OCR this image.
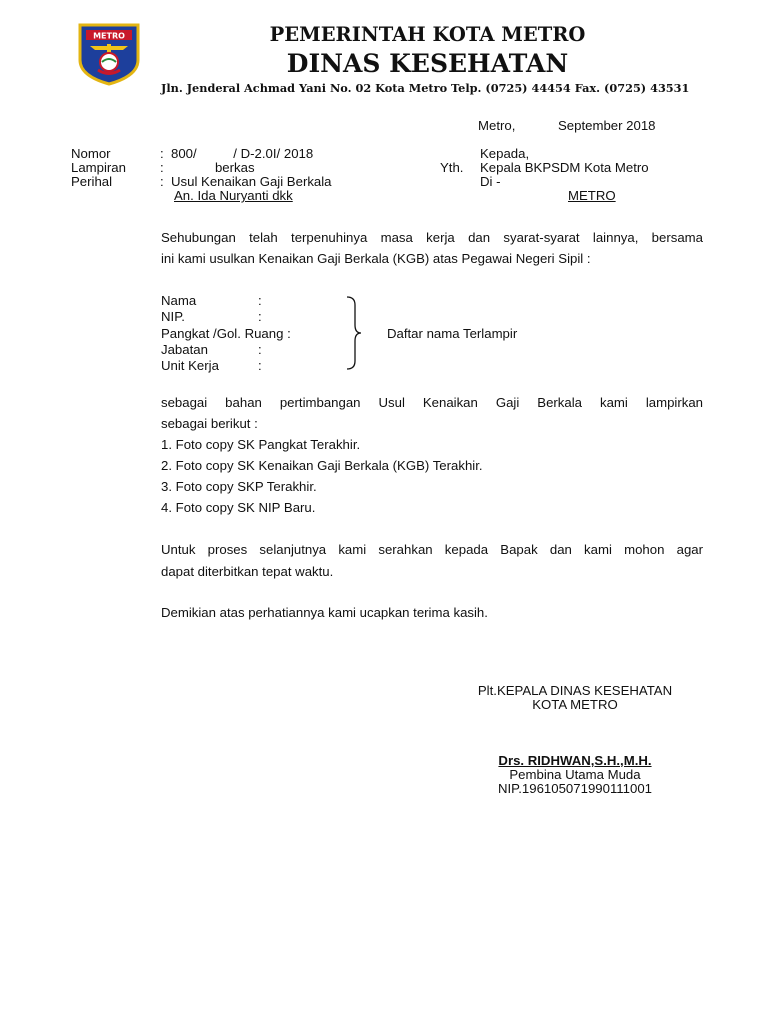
METRO	PEMERINTAH KOTA METRO
DINAS KESEHATAN
Jln. Jenderal Achmad Yani No. 02 Kota Metro Telp. (0725) 44454 Fax. (0725) 43531
Metro,	September 2018
Nomor	:  800/          / D-2.0I/ 2018
Lampiran	:              berkas
Perihal	:  Usul Kenaikan Gaji Berkala
An. Ida Nuryanti dkk
Kepada,
Yth. Kepala BKPSDM Kota Metro
Di -
METRO
Sehubungan telah terpenuhinya masa kerja dan syarat-syarat lainnya, bersama
ini kami usulkan Kenaikan Gaji Berkala (KGB) atas Pegawai Negeri Sipil :
Nama	:
NIP.	:
Pangkat /Gol. Ruang :
Jabatan	:
Unit Kerja	:
Daftar nama Terlampir
sebagai bahan pertimbangan Usul Kenaikan Gaji Berkala kami lampirkan
sebagai berikut :
1. Foto copy SK Pangkat Terakhir.
2. Foto copy SK Kenaikan Gaji Berkala (KGB) Terakhir.
3. Foto copy SKP Terakhir.
4. Foto copy SK NIP Baru.
Untuk proses selanjutnya kami serahkan kepada Bapak dan kami mohon agar
dapat diterbitkan tepat waktu.
Demikian atas perhatiannya kami ucapkan terima kasih.
Plt.KEPALA DINAS KESEHATAN
KOTA METRO
Drs. RIDHWAN,S.H.,M.H.
Pembina Utama Muda
NIP.196105071990111001
